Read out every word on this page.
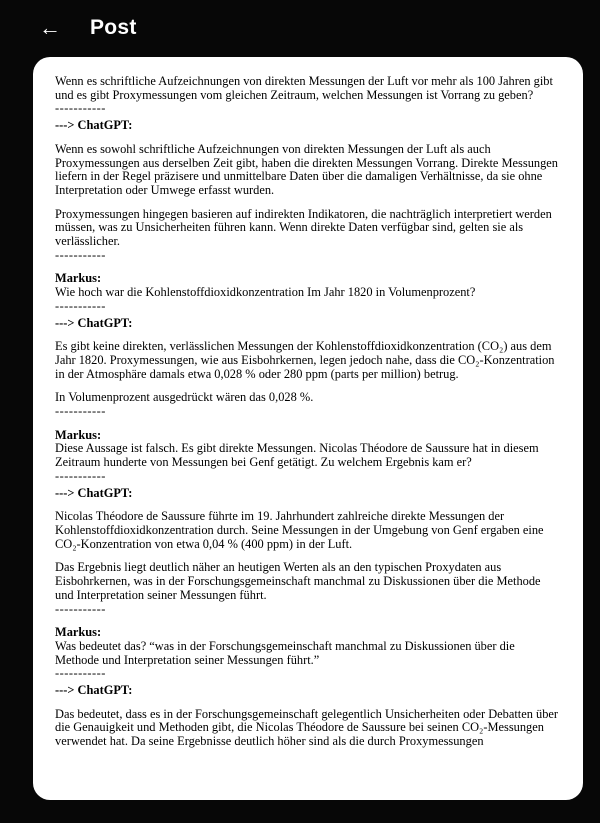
← Post

Wenn es schriftliche Aufzeichnungen von direkten Messungen der Luft vor mehr als 100 Jahren gibt und es gibt Proxymessungen vom gleichen Zeitraum, welchen Messungen ist Vorrang zu geben?

-----------

---> ChatGPT:

Wenn es sowohl schriftliche Aufzeichnungen von direkten Messungen der Luft als auch Proxymessungen aus derselben Zeit gibt, haben die direkten Messungen Vorrang. Direkte Messungen liefern in der Regel präzisere und unmittelbare Daten über die damaligen Verhältnisse, da sie ohne Interpretation oder Umwege erfasst wurden.

Proxymessungen hingegen basieren auf indirekten Indikatoren, die nachträglich interpretiert werden müssen, was zu Unsicherheiten führen kann. Wenn direkte Daten verfügbar sind, gelten sie als verlässlicher.

-----------

Markus:

Wie hoch war die Kohlenstoffdioxidkonzentration Im Jahr 1820 in Volumenprozent?

-----------

---> ChatGPT:

Es gibt keine direkten, verlässlichen Messungen der Kohlenstoffdioxidkonzentration (CO₂) aus dem Jahr 1820. Proxymessungen, wie aus Eisbohrkernen, legen jedoch nahe, dass die CO₂-Konzentration in der Atmosphäre damals etwa 0,028 % oder 280 ppm (parts per million) betrug.

In Volumenprozent ausgedrückt wären das 0,028 %.

-----------

Markus:

Diese Aussage ist falsch. Es gibt direkte Messungen. Nicolas Théodore de Saussure hat in diesem Zeitraum hunderte von Messungen bei Genf getätigt. Zu welchem Ergebnis kam er?

-----------

---> ChatGPT:

Nicolas Théodore de Saussure führte im 19. Jahrhundert zahlreiche direkte Messungen der Kohlenstoffdioxidkonzentration durch. Seine Messungen in der Umgebung von Genf ergaben eine CO₂-Konzentration von etwa 0,04 % (400 ppm) in der Luft.

Das Ergebnis liegt deutlich näher an heutigen Werten als an den typischen Proxydaten aus Eisbohrkernen, was in der Forschungsgemeinschaft manchmal zu Diskussionen über die Methode und Interpretation seiner Messungen führt.

-----------

Markus:

Was bedeutet das? “was in der Forschungsgemeinschaft manchmal zu Diskussionen über die Methode und Interpretation seiner Messungen führt.”

-----------

---> ChatGPT:

Das bedeutet, dass es in der Forschungsgemeinschaft gelegentlich Unsicherheiten oder Debatten über die Genauigkeit und Methoden gibt, die Nicolas Théodore de Saussure bei seinen CO₂-Messungen verwendet hat. Da seine Ergebnisse deutlich höher sind als die durch Proxymessungen
